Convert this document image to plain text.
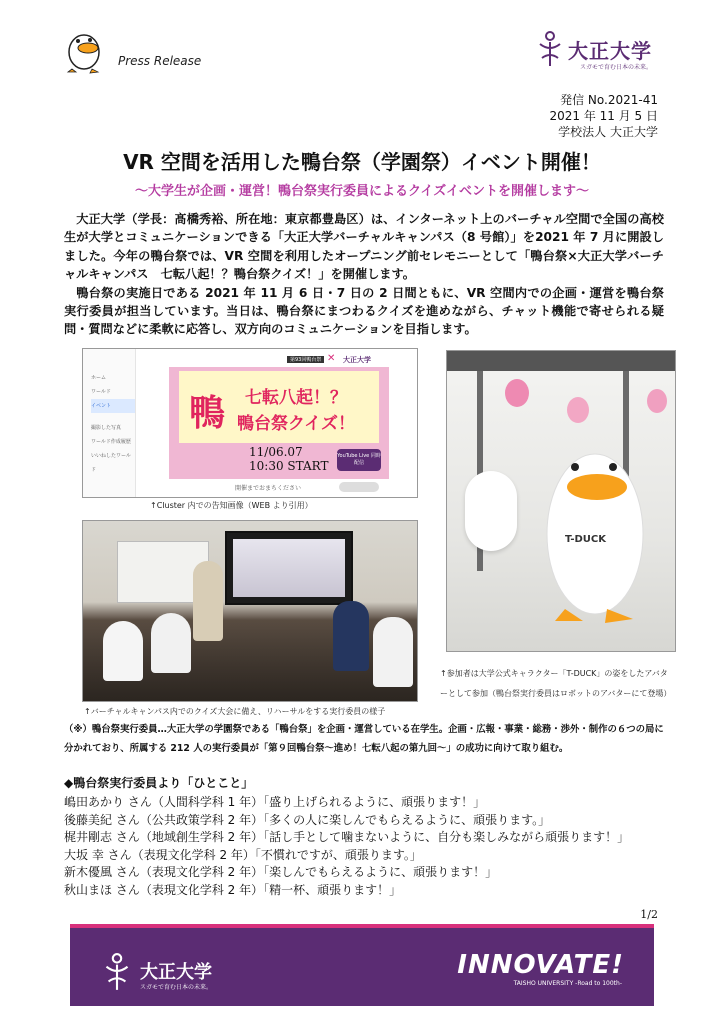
Press Release	大正大学
スガモで育む日本の未来。
発信 No.2021-41
2021 年 11 月 5 日
学校法人 大正大学
VR 空間を活用した鴨台祭（学園祭）イベント開催！
～大学生が企画・運営！鴨台祭実行委員によるクイズイベントを開催します～

大正大学（学長：髙橋秀裕、所在地：東京都豊島区）は、インターネット上のバーチャル空間で全国の高校生が大学とコミュニケーションできる「大正大学バーチャルキャンパス（8 号館）」を2021 年 7 月に開設しました。今年の鴨台祭では、VR 空間を利用したオープニング前セレモニーとして「鴨台祭×大正大学バーチャルキャンパス　七転八起！？鴨台祭クイズ！」を開催します。

鴨台祭の実施日である 2021 年 11 月 6 日・7 日の 2 日間ともに、VR 空間内での企画・運営を鴨台祭実行委員が担当しています。当日は、鴨台祭にまつわるクイズを進めながら、チャット機能で寄せられる疑問・質問などに柔軟に応答し、双方向のコミュニケーションを目指します。

ホーム
ワールド
イベント
撮影した写真
ワールド作成履歴
いいねしたワールド
第93回鴨台祭 ✕ 大正大学
鴨 七転八起！？
鴨台祭クイズ！
11/06.07
10:30 START
YouTube Live 同時配信
開催までおまちください
↑Cluster 内での告知画像（WEB より引用）
↑バーチャルキャンパス内でのクイズ大会に備え、リハーサルをする実行委員の様子
T-DUCK
↑参加者は大学公式キャラクター「T-DUCK」の姿をしたアバタ
ーとして参加（鴨台祭実行委員はロボットのアバターにて登場）
（※）鴨台祭実行委員…大正大学の学園祭である「鴨台祭」を企画・運営している在学生。企画・広報・事業・総務・渉外・制作の６つの局に分かれており、所属する 212 人の実行委員が「第９回鴨台祭～進め！七転八起の第九回～」の成功に向けて取り組む。
◆鴨台祭実行委員より「ひとこと」
嶋田あかり さん（人間科学科 1 年）「盛り上げられるように、頑張ります！」
後藤美紀 さん（公共政策学科 2 年）「多くの人に楽しんでもらえるように、頑張ります。」
梶井剛志 さん（地域創生学科 2 年）「話し手として噛まないように、自分も楽しみながら頑張ります！」
大坂 幸 さん（表現文化学科 2 年）「不慣れですが、頑張ります。」
新木優風 さん（表現文化学科 2 年）「楽しんでもらえるように、頑張ります！」
秋山まほ さん（表現文化学科 2 年）「精一杯、頑張ります！」
1/2
大正大学
スガモで育む日本の未来。
INNOVATE!
TAISHO UNIVERSITY -Road to 100th-
